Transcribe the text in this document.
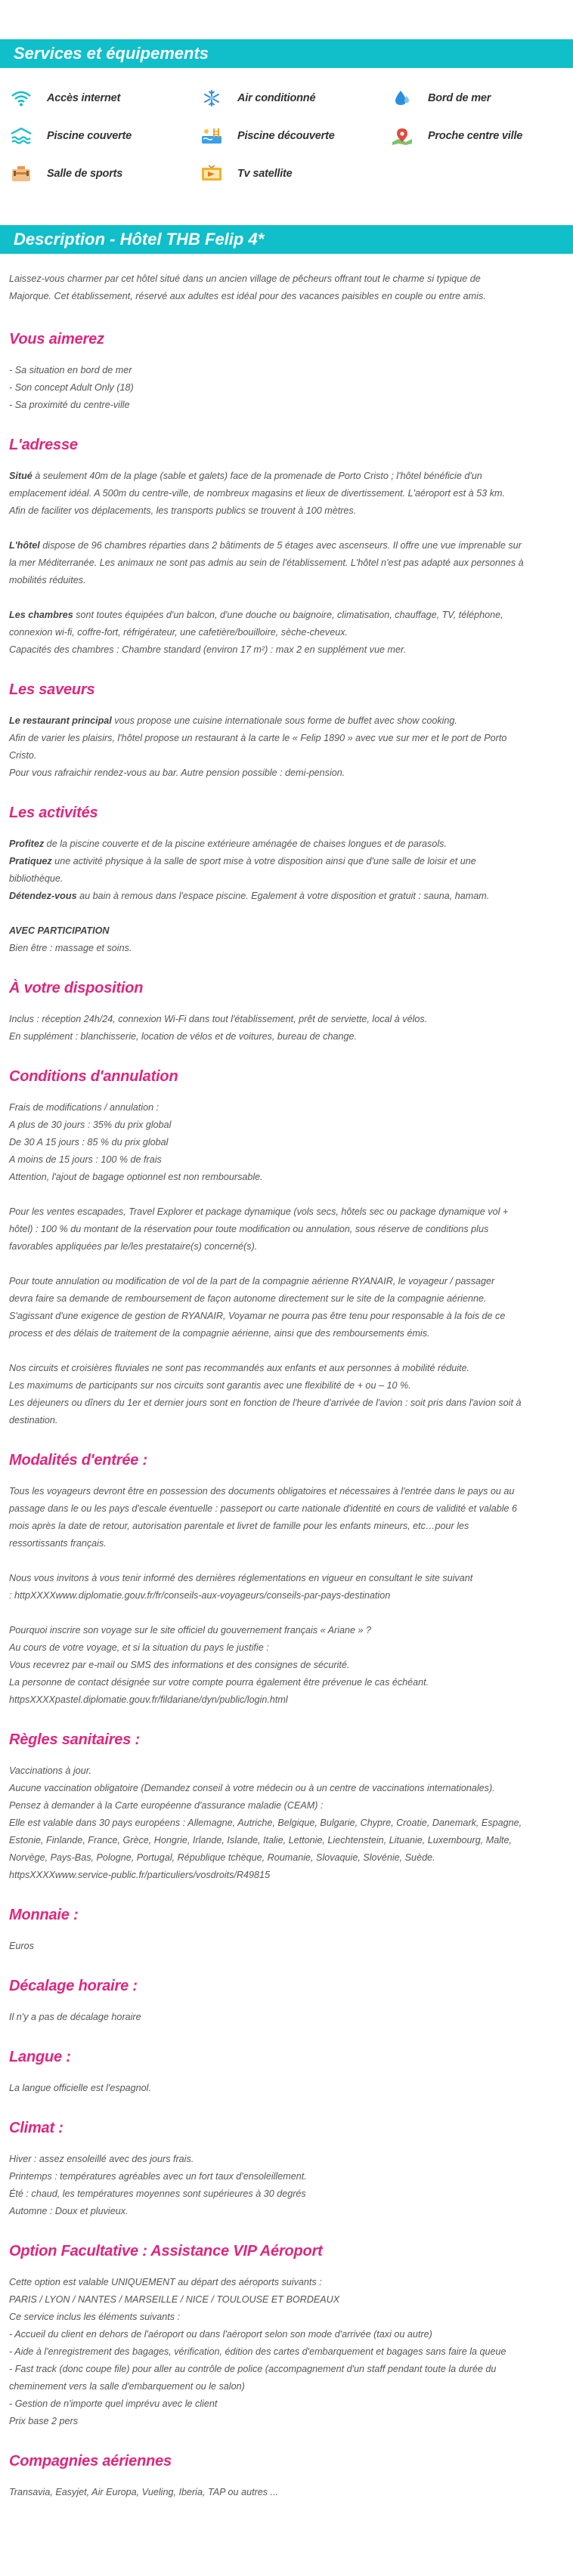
Services et équipements
Accès internet	Air conditionné	Bord de mer
Piscine couverte	Piscine découverte	Proche centre ville
Salle de sports	Tv satellite
Description - Hôtel THB Felip 4*
Laissez-vous charmer par cet hôtel situé dans un ancien village de pêcheurs offrant tout le charme si typique de
Majorque. Cet établissement, réservé aux adultes est idéal pour des vacances paisibles en couple ou entre amis.
Vous aimerez
- Sa situation en bord de mer
- Son concept Adult Only (18)
- Sa proximité du centre-ville
L'adresse
Situé à seulement 40m de la plage (sable et galets) face de la promenade de Porto Cristo ; l'hôtel bénéficie d'un
emplacement idéal. A 500m du centre-ville, de nombreux magasins et lieux de divertissement. L'aéroport est à 53 km.
Afin de faciliter vos déplacements, les transports publics se trouvent à 100 mètres.
L'hôtel dispose de 96 chambres réparties dans 2 bâtiments de 5 étages avec ascenseurs. Il offre une vue imprenable sur
la mer Méditerranée. Les animaux ne sont pas admis au sein de l'établissement. L'hôtel n'est pas adapté aux personnes à
mobilités réduites.
Les chambres sont toutes équipées d'un balcon, d'une douche ou baignoire, climatisation, chauffage, TV, téléphone,
connexion wi-fi, coffre-fort, réfrigérateur, une cafetière/bouilloire, sèche-cheveux.
Capacités des chambres : Chambre standard (environ 17 m²) : max 2 en supplément vue mer.
Les saveurs
Le restaurant principal vous propose une cuisine internationale sous forme de buffet avec show cooking.
Afin de varier les plaisirs, l'hôtel propose un restaurant à la carte le « Felip 1890 » avec vue sur mer et le port de Porto
Cristo.
Pour vous rafraichir rendez-vous au bar. Autre pension possible : demi-pension.
Les activités
Profitez de la piscine couverte et de la piscine extérieure aménagée de chaises longues et de parasols.
Pratiquez une activité physique à la salle de sport mise à votre disposition ainsi que d'une salle de loisir et une
bibliothèque.
Détendez-vous au bain à remous dans l'espace piscine. Egalement à votre disposition et gratuit : sauna, hamam.
AVEC PARTICIPATION
Bien être : massage et soins.
À votre disposition
Inclus : réception 24h/24, connexion Wi-Fi dans tout l'établissement, prêt de serviette, local à vélos.
En supplément : blanchisserie, location de vélos et de voitures, bureau de change.
Conditions d'annulation
Frais de modifications / annulation :
A plus de 30 jours : 35% du prix global
De 30 A 15 jours : 85 % du prix global
A moins de 15 jours : 100 % de frais
Attention, l'ajout de bagage optionnel est non remboursable.
Pour les ventes escapades, Travel Explorer et package dynamique (vols secs, hôtels sec ou package dynamique vol +
hôtel) : 100 % du montant de la réservation pour toute modification ou annulation, sous réserve de conditions plus
favorables appliquées par le/les prestataire(s) concerné(s).
Pour toute annulation ou modification de vol de la part de la compagnie aérienne RYANAIR, le voyageur / passager
devra faire sa demande de remboursement de façon autonome directement sur le site de la compagnie aérienne.
S'agissant d'une exigence de gestion de RYANAIR, Voyamar ne pourra pas être tenu pour responsable à la fois de ce
process et des délais de traitement de la compagnie aérienne, ainsi que des remboursements émis.
Nos circuits et croisières fluviales ne sont pas recommandés aux enfants et aux personnes à mobilité réduite.
Les maximums de participants sur nos circuits sont garantis avec une flexibilité de + ou – 10 %.
Les déjeuners ou dîners du 1er et dernier jours sont en fonction de l'heure d'arrivée de l'avion : soit pris dans l'avion soit à
destination.
Modalités d'entrée :
Tous les voyageurs devront être en possession des documents obligatoires et nécessaires à l'entrée dans le pays ou au
passage dans le ou les pays d'escale éventuelle : passeport ou carte nationale d'identité en cours de validité et valable 6
mois après la date de retour, autorisation parentale et livret de famille pour les enfants mineurs, etc…pour les
ressortissants français.
Nous vous invitons à vous tenir informé des dernières réglementations en vigueur en consultant le site suivant
: httpXXXXwww.diplomatie.gouv.fr/fr/conseils-aux-voyageurs/conseils-par-pays-destination
Pourquoi inscrire son voyage sur le site officiel du gouvernement français « Ariane » ?
Au cours de votre voyage, et si la situation du pays le justifie :
Vous recevrez par e-mail ou SMS des informations et des consignes de sécurité.
La personne de contact désignée sur votre compte pourra également être prévenue le cas échéant.
httpsXXXXpastel.diplomatie.gouv.fr/fildariane/dyn/public/login.html
Règles sanitaires :
Vaccinations à jour.
Aucune vaccination obligatoire (Demandez conseil à votre médecin ou à un centre de vaccinations internationales).
Pensez à demander à la Carte européenne d'assurance maladie (CEAM) :
Elle est valable dans 30 pays européens : Allemagne, Autriche, Belgique, Bulgarie, Chypre, Croatie, Danemark, Espagne,
Estonie, Finlande, France, Grèce, Hongrie, Irlande, Islande, Italie, Lettonie, Liechtenstein, Lituanie, Luxembourg, Malte,
Norvège, Pays-Bas, Pologne, Portugal, République tchèque, Roumanie, Slovaquie, Slovénie, Suède.
httpsXXXXwww.service-public.fr/particuliers/vosdroits/R49815
Monnaie :
Euros
Décalage horaire :
Il n'y a pas de décalage horaire
Langue :
La langue officielle est l'espagnol.
Climat :
Hiver : assez ensoleillé avec des jours frais.
Printemps : températures agréables avec un fort taux d'ensoleillement.
Été : chaud, les températures moyennes sont supérieures à 30 degrés
Automne : Doux et pluvieux.
Option Facultative : Assistance VIP Aéroport
Cette option est valable UNIQUEMENT au départ des aéroports suivants :
PARIS / LYON / NANTES / MARSEILLE / NICE / TOULOUSE ET BORDEAUX
Ce service inclus les éléments suivants :
- Accueil du client en dehors de l'aéroport ou dans l'aéroport selon son mode d'arrivée (taxi ou autre)
- Aide à l'enregistrement des bagages, vérification, édition des cartes d'embarquement et bagages sans faire la queue
- Fast track (donc coupe file) pour aller au contrôle de police (accompagnement d'un staff pendant toute la durée du
cheminement vers la salle d'embarquement ou le salon)
- Gestion de n'importe quel imprévu avec le client
Prix base 2 pers
Compagnies aériennes
Transavia, Easyjet, Air Europa, Vueling, Iberia, TAP ou autres ...
